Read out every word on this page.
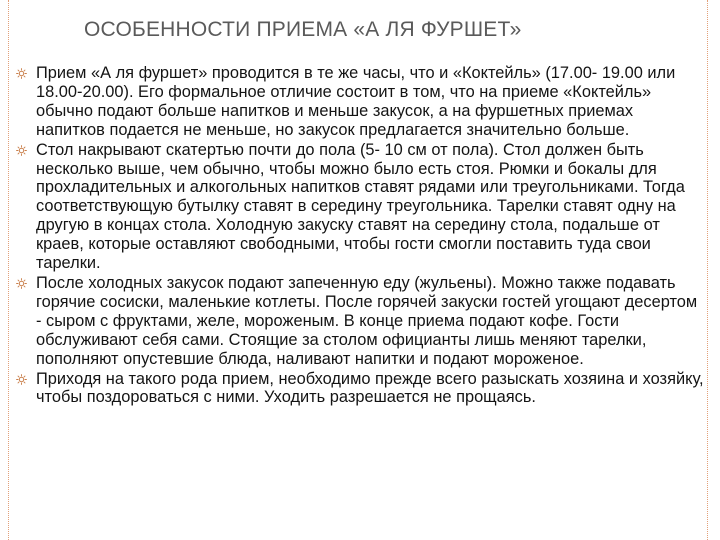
ОСОБЕННОСТИ ПРИЕМА «А ЛЯ ФУРШЕТ»
Прием «А ля фуршет» проводится в те же часы, что и «Коктейль» (17.00- 19.00 или 18.00-20.00). Его формальное отличие состоит в том, что на приеме «Коктейль» обычно подают больше напитков и меньше закусок, а на фуршетных приемах напитков подается не меньше, но закусок предлагается значительно больше.
Стол накрывают скатертью почти до пола (5- 10 см от пола). Стол должен быть несколько выше, чем обычно, чтобы можно было есть стоя. Рюмки и бокалы для прохладительных и алкогольных напитков ставят рядами или треугольниками. Тогда соответствующую бутылку ставят в середину треугольника. Тарелки ставят одну на другую в концах стола. Холодную закуску ставят на середину стола, подальше от краев, которые оставляют свободными, чтобы гости смогли поставить туда свои тарелки.
После холодных закусок подают запеченную еду (жульены). Можно также подавать горячие сосиски, маленькие котлеты. После горячей закуски гостей угощают десертом - сыром с фруктами, желе, мороженым. В конце приема подают кофе. Гости обслуживают себя сами. Стоящие за столом официанты лишь меняют тарелки, пополняют опустевшие блюда, наливают напитки и подают мороженое.
Приходя на такого рода прием, необходимо прежде всего разыскать хозяина и хозяйку, чтобы поздороваться с ними. Уходить разрешается не прощаясь.
